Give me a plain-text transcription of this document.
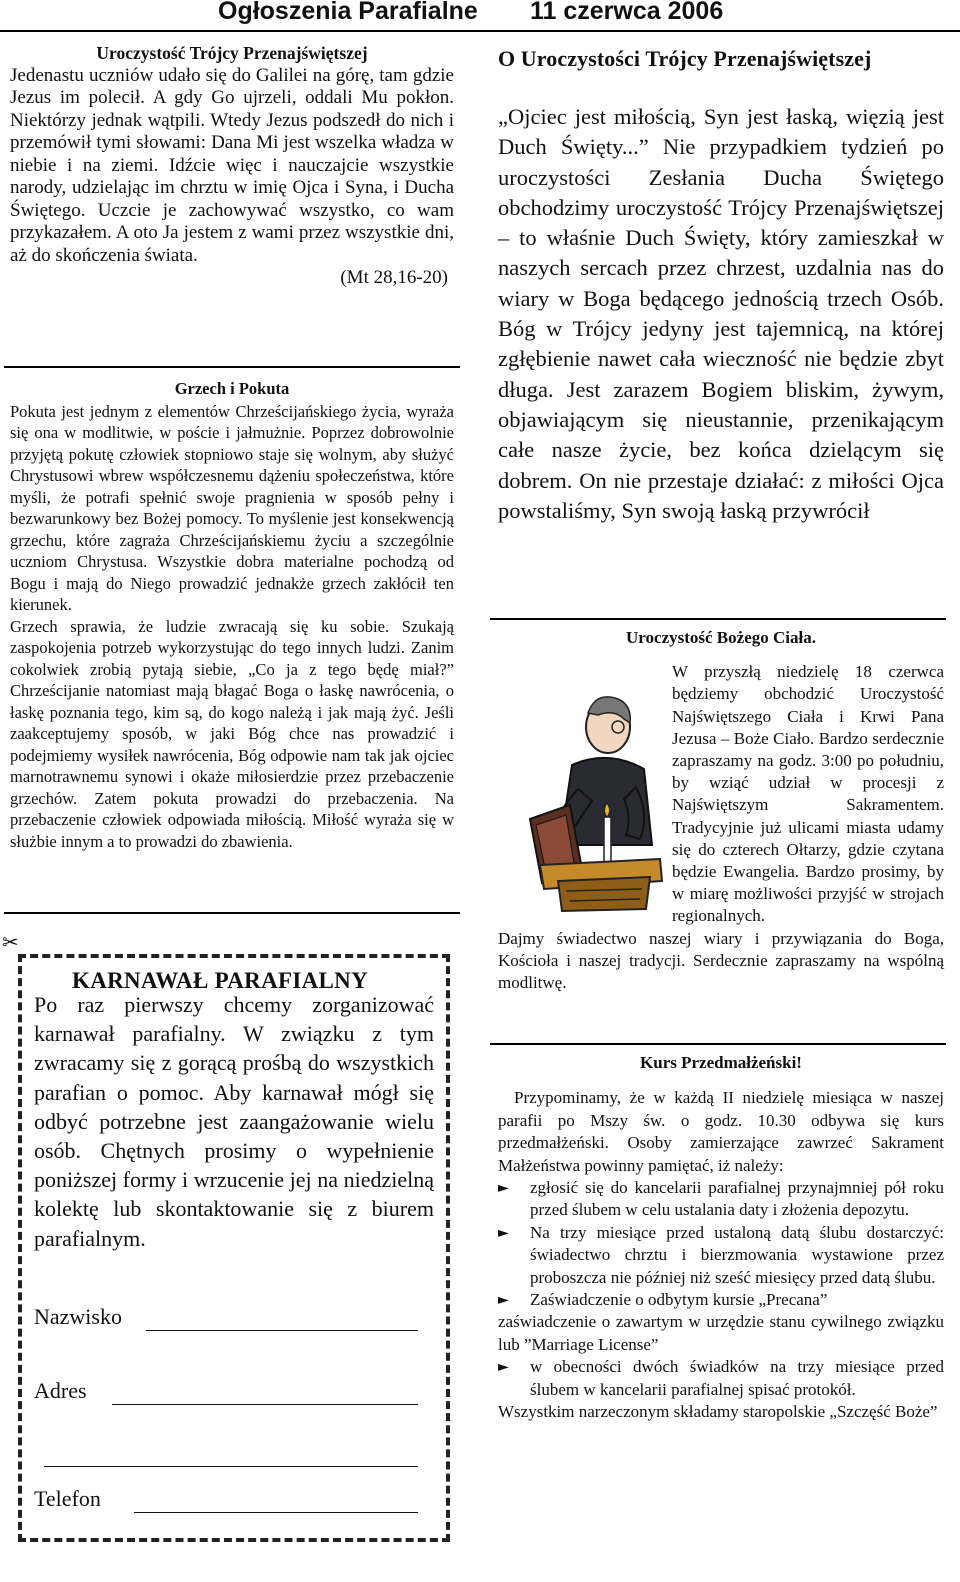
Ogłoszenia Parafialne 11 czerwca 2006
Uroczystość Trójcy Przenajświętszej
Jedenastu uczniów udało się do Galilei na górę, tam gdzie Jezus im polecił. A gdy Go ujrzeli, oddali Mu pokłon. Niektórzy jednak wątpili. Wtedy Jezus podszedł do nich i przemówił tymi słowami: Dana Mi jest wszelka władza w niebie i na ziemi. Idźcie więc i nauczajcie wszystkie narody, udzielając im chrztu w imię Ojca i Syna, i Ducha Świętego. Uczcie je zachowywać wszystko, co wam przykazałem. A oto Ja jestem z wami przez wszystkie dni, aż do skończenia świata.
(Mt 28,16-20)
Grzech i Pokuta

Pokuta jest jednym z elementów Chrześcijańskiego życia, wyraża się ona w modlitwie, w poście i jałmużnie. Poprzez dobrowolnie przyjętą pokutę człowiek stopniowo staje się wolnym, aby służyć Chrystusowi wbrew współczesnemu dążeniu społeczeństwa, które myśli, że potrafi spełnić swoje pragnienia w sposób pełny i bezwarunkowy bez Bożej pomocy. To myślenie jest konsekwencją grzechu, które zagraża Chrześcijańskiemu życiu a szczególnie uczniom Chrystusa. Wszystkie dobra materialne pochodzą od Bogu i mają do Niego prowadzić jednakże grzech zakłócił ten kierunek.

Grzech sprawia, że ludzie zwracają się ku sobie. Szukają zaspokojenia potrzeb wykorzystując do tego innych ludzi. Zanim cokolwiek zrobią pytają siebie, „Co ja z tego będę miał?” Chrześcijanie natomiast mają błagać Boga o łaskę nawrócenia, o łaskę poznania tego, kim są, do kogo należą i jak mają żyć. Jeśli zaakceptujemy sposób, w jaki Bóg chce nas prowadzić i podejmiemy wysiłek nawrócenia, Bóg odpowie nam tak jak ojciec marnotrawnemu synowi i okaże miłosierdzie przez przebaczenie grzechów. Zatem pokuta prowadzi do przebaczenia. Na przebaczenie człowiek odpowiada miłością. Miłość wyraża się w służbie innym a to prowadzi do zbawienia.

✂
KARNAWAŁ PARAFIALNY
Po raz pierwszy chcemy zorganizować karnawał parafialny. W związku z tym zwracamy się z gorącą prośbą do wszystkich parafian o pomoc. Aby karnawał mógł się odbyć potrzebne jest zaangażowanie wielu osób. Chętnych prosimy o wypełnienie poniższej formy i wrzucenie jej na niedzielną kolektę lub skontaktowanie się z biurem parafialnym.
Nazwisko
Adres
Telefon
O Uroczystości Trójcy Przenajświętszej
„Ojciec jest miłością, Syn jest łaską, więzią jest Duch Święty...” Nie przypadkiem tydzień po uroczystości Zesłania Ducha Świętego obchodzimy uroczystość Trójcy Przenajświętszej – to właśnie Duch Święty, który zamieszkał w naszych sercach przez chrzest, uzdalnia nas do wiary w Boga będącego jednością trzech Osób. Bóg w Trójcy jedyny jest tajemnicą, na której zgłębienie nawet cała wieczność nie będzie zbyt długa. Jest zarazem Bogiem bliskim, żywym, objawiającym się nieustannie, przenikającym całe nasze życie, bez końca dzielącym się dobrem. On nie przestaje działać: z miłości Ojca powstaliśmy, Syn swoją łaską przywrócił
Uroczystość Bożego Ciała.

W przyszłą niedzielę 18 czerwca będziemy obchodzić Uroczystość Najświętszego Ciała i Krwi Pana Jezusa – Boże Ciało. Bardzo serdecznie zapraszamy na godz. 3:00 po południu, by wziąć udział w procesji z Najświętszym Sakramentem. Tradycyjnie już ulicami miasta udamy się do czterech Ołtarzy, gdzie czytana będzie Ewangelia. Bardzo prosimy, by w miarę możliwości przyjść w strojach regionalnych.

Dajmy świadectwo naszej wiary i przywiązania do Boga, Kościoła i naszej tradycji. Serdecznie zapraszamy na wspólną modlitwę.

Kurs Przedmałżeński!

Przypominamy, że w każdą II niedzielę miesiąca w naszej parafii po Mszy św. o godz. 10.30 odbywa się kurs przedmałżeński. Osoby zamierzające zawrzeć Sakrament Małżeństwa powinny pamiętać, iż należy:

► zgłosić się do kancelarii parafialnej przynajmniej pół roku przed ślubem w celu ustalania daty i złożenia depozytu.
► Na trzy miesiące przed ustaloną datą ślubu dostarczyć: świadectwo chrztu i bierzmowania wystawione przez proboszcza nie później niż sześć miesięcy przed datą ślubu.
► Zaświadczenie o odbytym kursie „Precana”

zaświadczenie o zawartym w urzędzie stanu cywilnego związku lub ”Marriage License”

► w obecności dwóch świadków na trzy miesiące przed ślubem w kancelarii parafialnej spisać protokół.

Wszystkim narzeczonym składamy staropolskie „Szczęść Boże”
